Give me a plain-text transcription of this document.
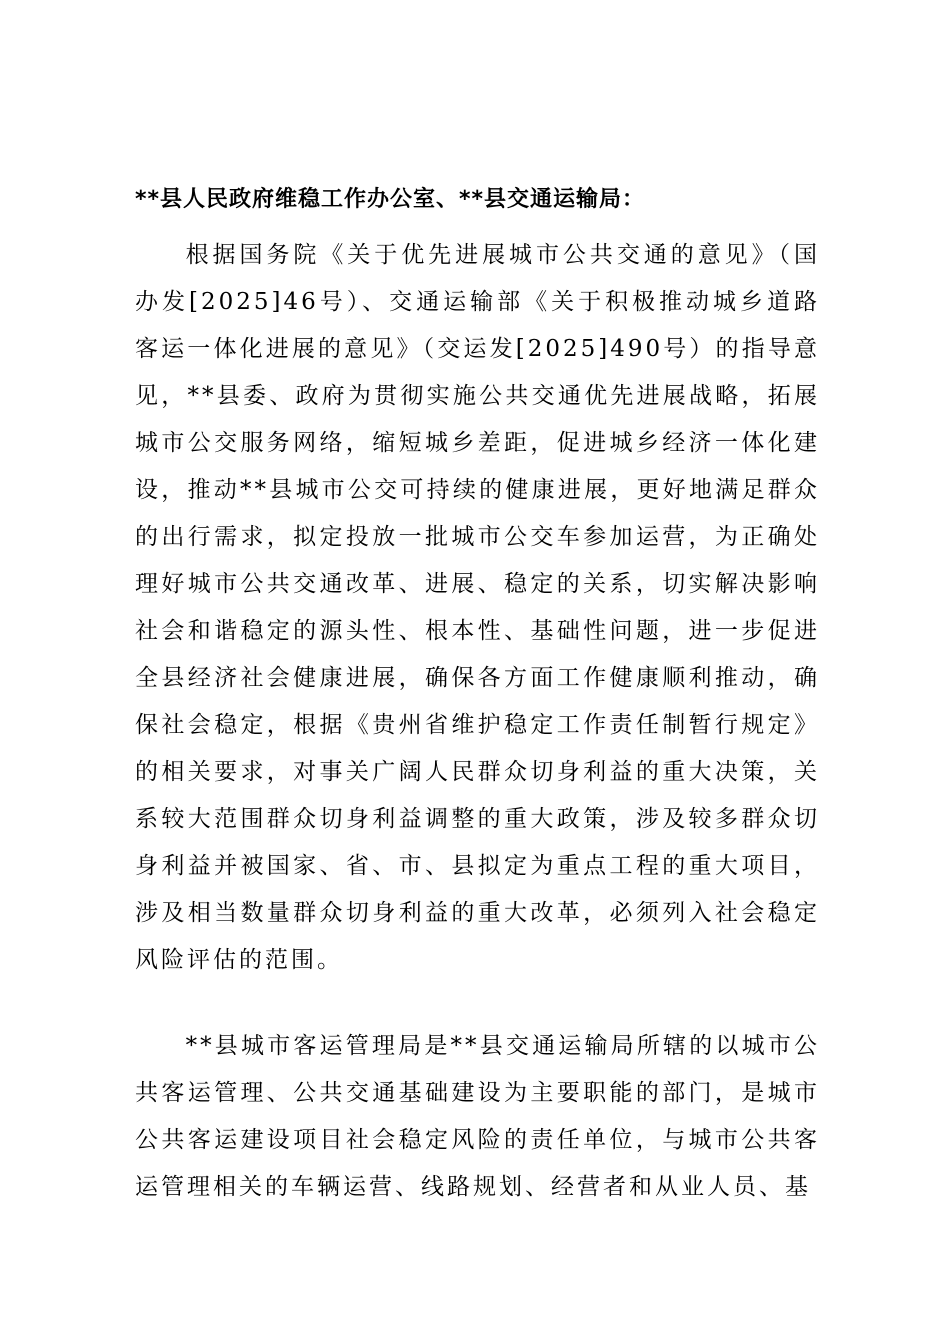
**县人民政府维稳工作办公室、**县交通运输局：

根据国务院《关于优先进展城市公共交通的意见》（国办发[2025]46号）、交通运输部《关于积极推动城乡道路客运一体化进展的意见》（交运发[2025]490号）的指导意见，**县委、政府为贯彻实施公共交通优先进展战略，拓展城市公交服务网络，缩短城乡差距，促进城乡经济一体化建设，推动**县城市公交可持续的健康进展，更好地满足群众的出行需求，拟定投放一批城市公交车参加运营，为正确处理好城市公共交通改革、进展、稳定的关系，切实解决影响社会和谐稳定的源头性、根本性、基础性问题，进一步促进全县经济社会健康进展，确保各方面工作健康顺利推动，确保社会稳定，根据《贵州省维护稳定工作责任制暂行规定》的相关要求，对事关广阔人民群众切身利益的重大决策，关系较大范围群众切身利益调整的重大政策，涉及较多群众切身利益并被国家、省、市、县拟定为重点工程的重大项目，涉及相当数量群众切身利益的重大改革，必须列入社会稳定风险评估的范围。

**县城市客运管理局是**县交通运输局所辖的以城市公共客运管理、公共交通基础建设为主要职能的部门，是城市公共客运建设项目社会稳定风险的责任单位，与城市公共客运管理相关的车辆运营、线路规划、经营者和从业人员、基
